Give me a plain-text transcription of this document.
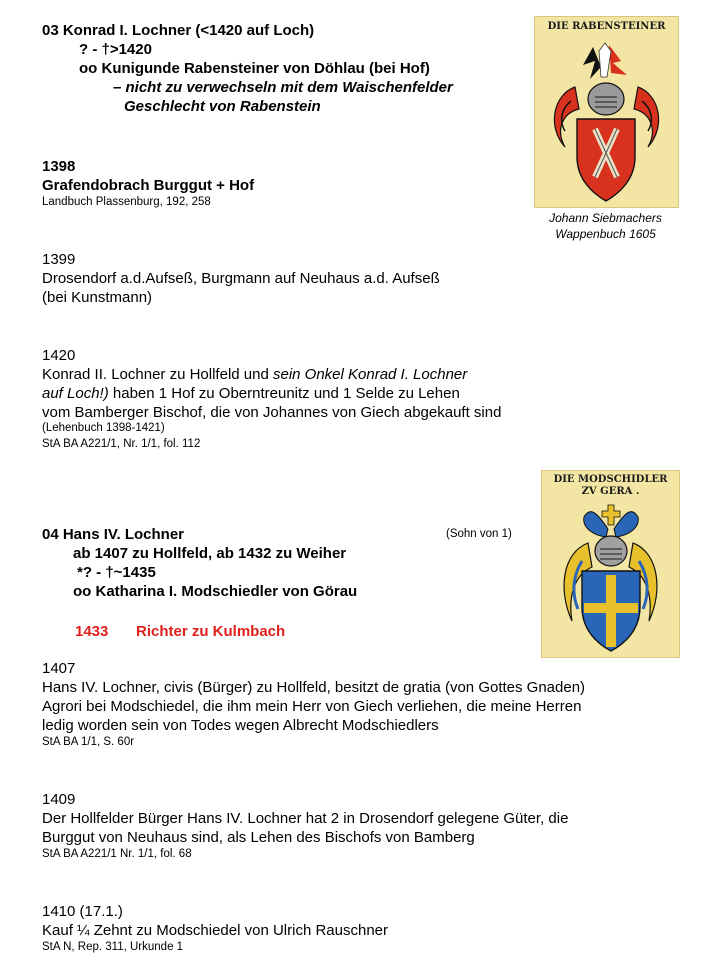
03 Konrad I. Lochner (<1420 auf Loch)
? - †>1420
oo Kunigunde Rabensteiner von Döhlau (bei Hof)
– nicht zu verwechseln mit dem Waischenfelder
Geschlecht von Rabenstein
DIE RABENSTEINER
Johann Siebmachers
Wappenbuch 1605
1398
Grafendobrach Burggut + Hof
Landbuch Plassenburg, 192, 258
1399
Drosendorf a.d.Aufseß, Burgmann auf Neuhaus a.d. Aufseß
(bei Kunstmann)
1420
Konrad II. Lochner zu Hollfeld und sein Onkel Konrad I. Lochner
auf Loch!) haben 1 Hof zu Oberntreunitz und 1 Selde zu Lehen
vom Bamberger Bischof, die von Johannes von Giech abgekauft sind
(Lehenbuch 1398-1421)
StA BA A221/1, Nr. 1/1, fol. 112
DIE MODSCHIDLER
ZV GERA .
04 Hans IV. Lochner	(Sohn von 1)
ab 1407 zu Hollfeld, ab 1432 zu Weiher
*? - †~1435
oo Katharina I. Modschiedler von Görau
1433 Richter zu Kulmbach
1407
Hans IV. Lochner, civis (Bürger) zu Hollfeld, besitzt de gratia (von Gottes Gnaden)
Agrori bei Modschiedel, die ihm mein Herr von Giech verliehen, die meine Herren
ledig worden sein von Todes wegen Albrecht Modschiedlers
StA BA 1/1, S. 60r
1409
Der Hollfelder Bürger Hans IV. Lochner hat 2 in Drosendorf gelegene Güter, die
Burggut von Neuhaus sind, als Lehen des Bischofs von Bamberg
StA BA A221/1 Nr. 1/1, fol. 68
1410 (17.1.)
Kauf ¼ Zehnt zu Modschiedel von Ulrich Rauschner
StA N, Rep. 311, Urkunde 1
